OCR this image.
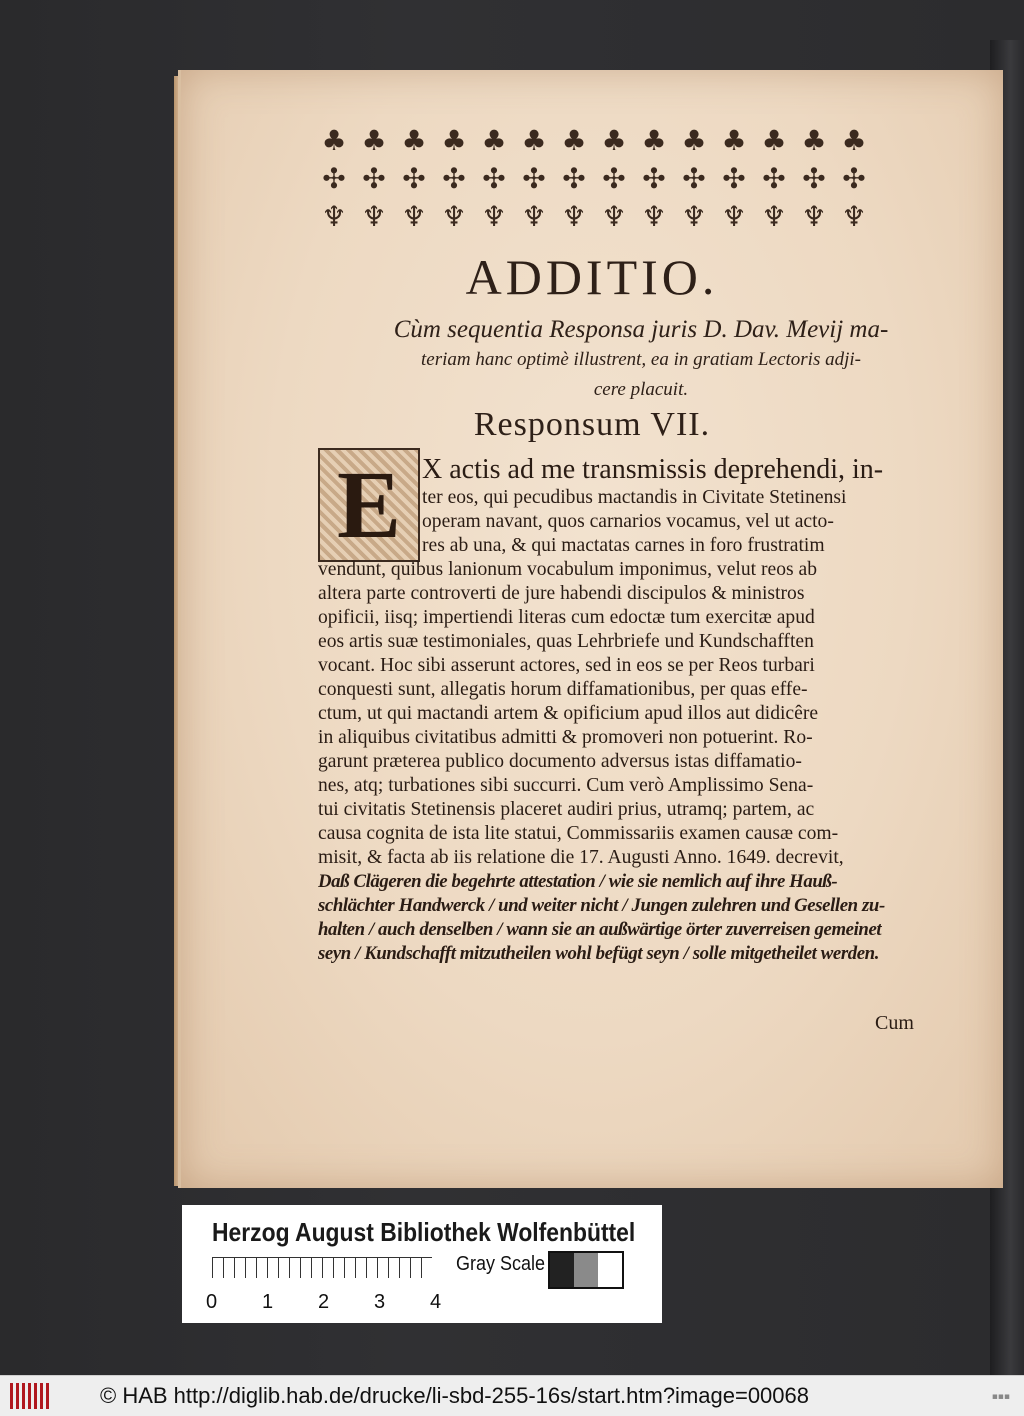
♣ ♣ ♣ ♣ ♣ ♣ ♣ ♣ ♣ ♣ ♣ ♣ ♣ ♣
✣ ✣ ✣ ✣ ✣ ✣ ✣ ✣ ✣ ✣ ✣ ✣ ✣ ✣
♆ ♆ ♆ ♆ ♆ ♆ ♆ ♆ ♆ ♆ ♆ ♆ ♆ ♆
ADDITIO.
Cùm sequentia Responsa juris D. Dav. Mevij ma-
teriam hanc optimè illustrent, ea in gratiam Lectoris adji-
cere placuit.
Responsum VII.
E X actis ad me transmissis deprehendi, in-
ter eos, qui pecudibus mactandis in Civitate Stetinensi
operam navant, quos carnarios vocamus, vel ut acto-
res ab una, & qui mactatas carnes in foro frustratim
vendunt, quibus lanionum vocabulum imponimus, velut reos ab
altera parte controverti de jure habendi discipulos & ministros
opificii, iisq; impertiendi literas cum edoctæ tum exercitæ apud
eos artis suæ testimoniales, quas Lehrbriefe und Kundschafften
vocant. Hoc sibi asserunt actores, sed in eos se per Reos turbari
conquesti sunt, allegatis horum diffamationibus, per quas effe-
ctum, ut qui mactandi artem & opificium apud illos aut didicêre
in aliquibus civitatibus admitti & promoveri non potuerint. Ro-
garunt præterea publico documento adversus istas diffamatio-
nes, atq; turbationes sibi succurri. Cum verò Amplissimo Sena-
tui civitatis Stetinensis placeret audiri prius, utramq; partem, ac
causa cognita de ista lite statui, Commissariis examen causæ com-
misit, & facta ab iis relatione die 17. Augusti Anno. 1649. decrevit,
Daß Clägeren die begehrte attestation / wie sie nemlich auf ihre Hauß-
schlächter Handwerck / und weiter nicht / Jungen zulehren und Gesellen zu-
halten / auch denselben / wann sie an außwärtige örter zuverreisen gemeinet
seyn / Kundschafft mitzutheilen wohl befügt seyn / solle mitgetheilet werden.
Cum
Herzog August Bibliothek Wolfenbüttel
0 1 2 3 4
Gray Scale
© HAB http://diglib.hab.de/drucke/li-sbd-255-16s/start.htm?image=00068	▪▪▪
